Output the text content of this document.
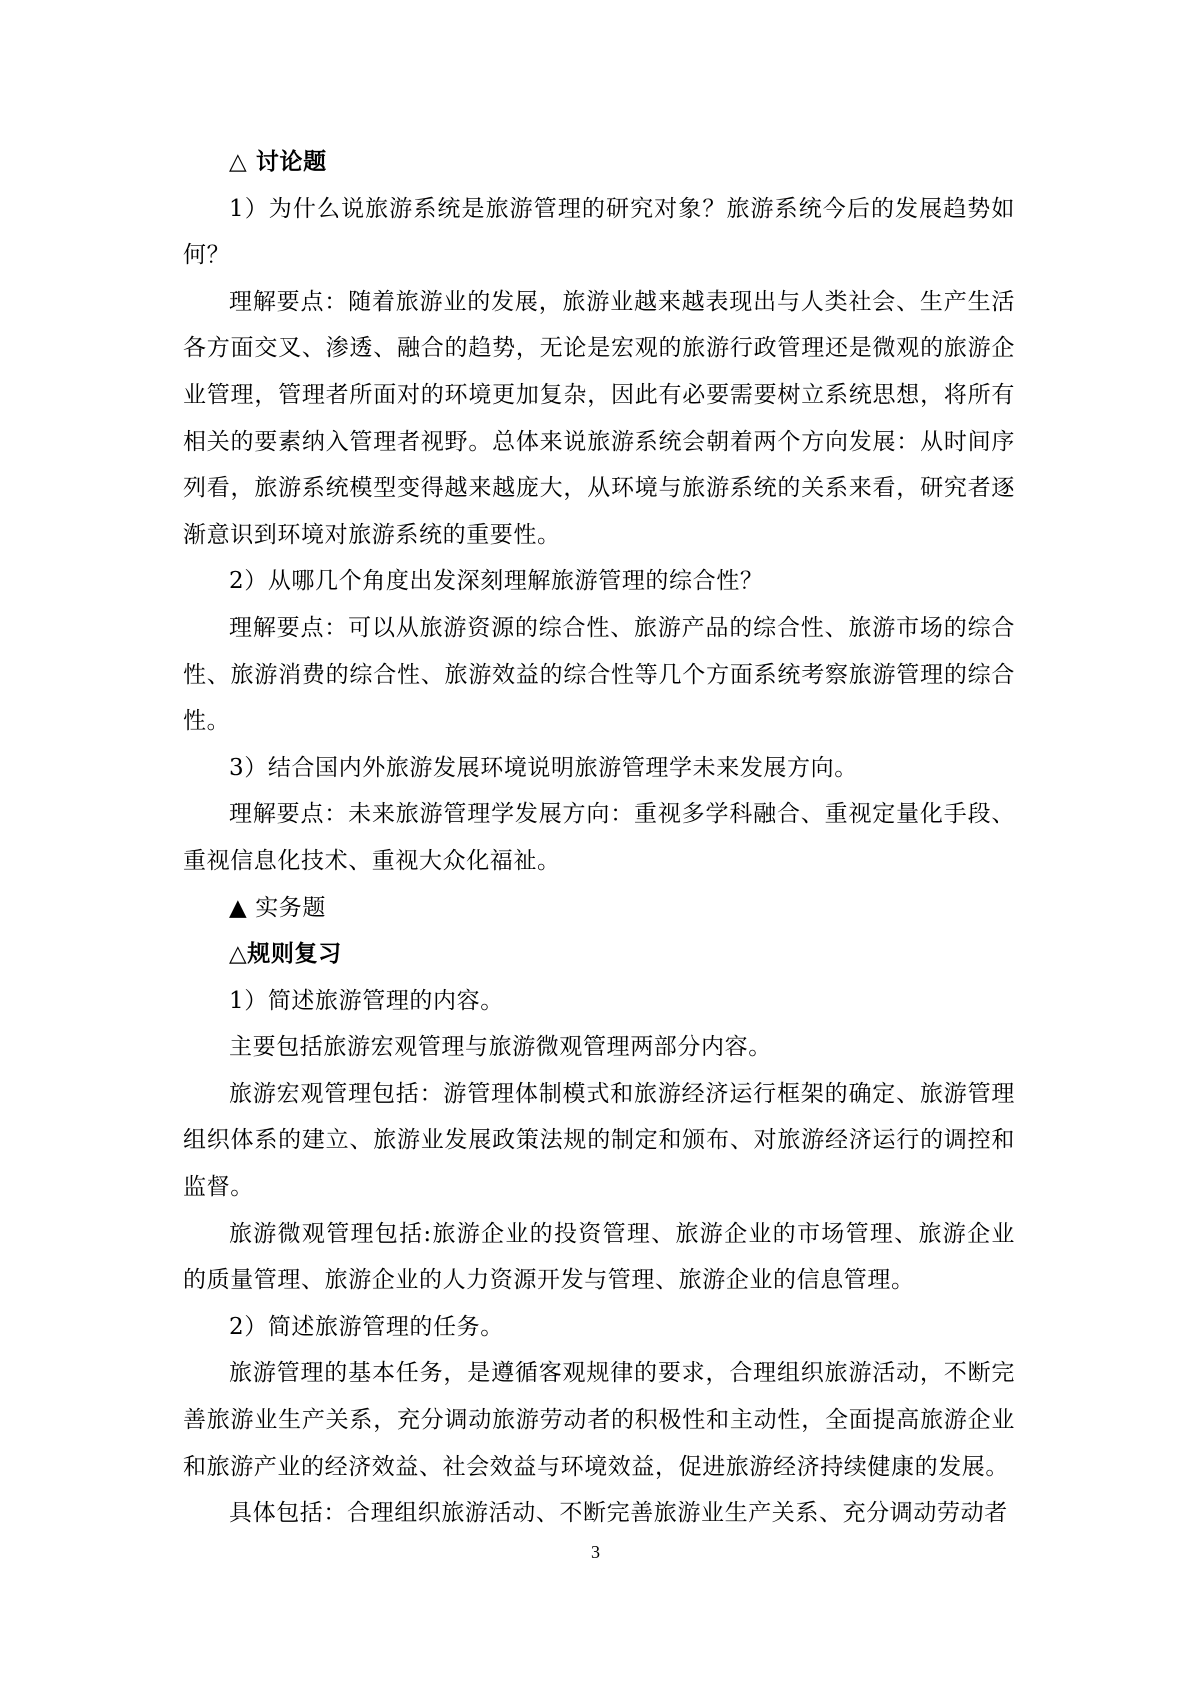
△ 讨论题

1）为什么说旅游系统是旅游管理的研究对象？旅游系统今后的发展趋势如何？

理解要点：随着旅游业的发展，旅游业越来越表现出与人类社会、生产生活各方面交叉、渗透、融合的趋势，无论是宏观的旅游行政管理还是微观的旅游企业管理，管理者所面对的环境更加复杂，因此有必要需要树立系统思想，将所有相关的要素纳入管理者视野。总体来说旅游系统会朝着两个方向发展：从时间序列看，旅游系统模型变得越来越庞大，从环境与旅游系统的关系来看，研究者逐渐意识到环境对旅游系统的重要性。

2）从哪几个角度出发深刻理解旅游管理的综合性？

理解要点：可以从旅游资源的综合性、旅游产品的综合性、旅游市场的综合性、旅游消费的综合性、旅游效益的综合性等几个方面系统考察旅游管理的综合性。

3）结合国内外旅游发展环境说明旅游管理学未来发展方向。

理解要点：未来旅游管理学发展方向：重视多学科融合、重视定量化手段、重视信息化技术、重视大众化福祉。

▲ 实务题

△规则复习

1）简述旅游管理的内容。

主要包括旅游宏观管理与旅游微观管理两部分内容。

旅游宏观管理包括：游管理体制模式和旅游经济运行框架的确定、旅游管理组织体系的建立、旅游业发展政策法规的制定和颁布、对旅游经济运行的调控和监督。

旅游微观管理包括:旅游企业的投资管理、旅游企业的市场管理、旅游企业的质量管理、旅游企业的人力资源开发与管理、旅游企业的信息管理。

2）简述旅游管理的任务。

旅游管理的基本任务，是遵循客观规律的要求，合理组织旅游活动，不断完善旅游业生产关系，充分调动旅游劳动者的积极性和主动性，全面提高旅游企业和旅游产业的经济效益、社会效益与环境效益，促进旅游经济持续健康的发展。

具体包括：合理组织旅游活动、不断完善旅游业生产关系、充分调动劳动者

3
